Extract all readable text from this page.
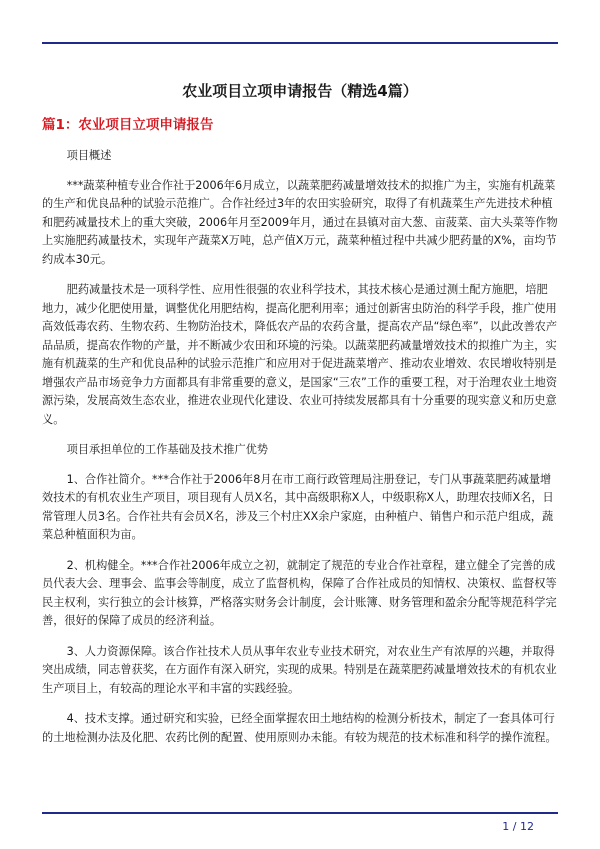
农业项目立项申请报告（精选4篇）
篇1：农业项目立项申请报告

项目概述

***蔬菜种植专业合作社于2006年6月成立，以蔬菜肥药减量增效技术的拟推广为主，实施有机蔬菜的生产和优良品种的试验示范推广。合作社经过3年的农田实验研究，取得了有机蔬菜生产先进技术种植和肥药减量技术上的重大突破，2006年月至2009年月，通过在县镇对亩大葱、亩菠菜、亩大头菜等作物上实施肥药减量技术，实现年产蔬菜X万吨，总产值X万元，蔬菜种植过程中共减少肥药量的X%，亩均节约成本30元。

肥药减量技术是一项科学性、应用性很强的农业科学技术，其技术核心是通过测土配方施肥，培肥地力，减少化肥使用量，调整优化用肥结构，提高化肥利用率；通过创新害虫防治的科学手段，推广使用高效低毒农药、生物农药、生物防治技术，降低农产品的农药含量，提高农产品“绿色率”，以此改善农产品品质，提高农作物的产量，并不断减少农田和环境的污染。以蔬菜肥药减量增效技术的拟推广为主，实施有机蔬菜的生产和优良品种的试验示范推广和应用对于促进蔬菜增产、推动农业增效、农民增收特别是增强农产品市场竞争力方面都具有非常重要的意义，是国家“三农”工作的重要工程，对于治理农业土地资源污染，发展高效生态农业，推进农业现代化建设、农业可持续发展都具有十分重要的现实意义和历史意义。

项目承担单位的工作基础及技术推广优势

1、合作社简介。***合作社于2006年8月在市工商行政管理局注册登记，专门从事蔬菜肥药减量增效技术的有机农业生产项目，项目现有人员X名，其中高级职称X人，中级职称X人，助理农技师X名，日常管理人员3名。合作社共有会员X名，涉及三个村庄XX余户家庭，由种植户、销售户和示范户组成，蔬菜总种植面积为亩。

2、机构健全。***合作社2006年成立之初，就制定了规范的专业合作社章程，建立健全了完善的成员代表大会、理事会、监事会等制度，成立了监督机构，保障了合作社成员的知情权、决策权、监督权等民主权利，实行独立的会计核算，严格落实财务会计制度，会计账簿、财务管理和盈余分配等规范科学完善，很好的保障了成员的经济利益。

3、人力资源保障。该合作社技术人员从事年农业专业技术研究，对农业生产有浓厚的兴趣，并取得突出成绩，同志曾获奖，在方面作有深入研究，实现的成果。特别是在蔬菜肥药减量增效技术的有机农业生产项目上，有较高的理论水平和丰富的实践经验。

4、技术支撑。通过研究和实验，已经全面掌握农田土地结构的检测分析技术，制定了一套具体可行的土地检测办法及化肥、农药比例的配置、使用原则办未能。有较为规范的技术标准和科学的操作流程。

1 / 12
